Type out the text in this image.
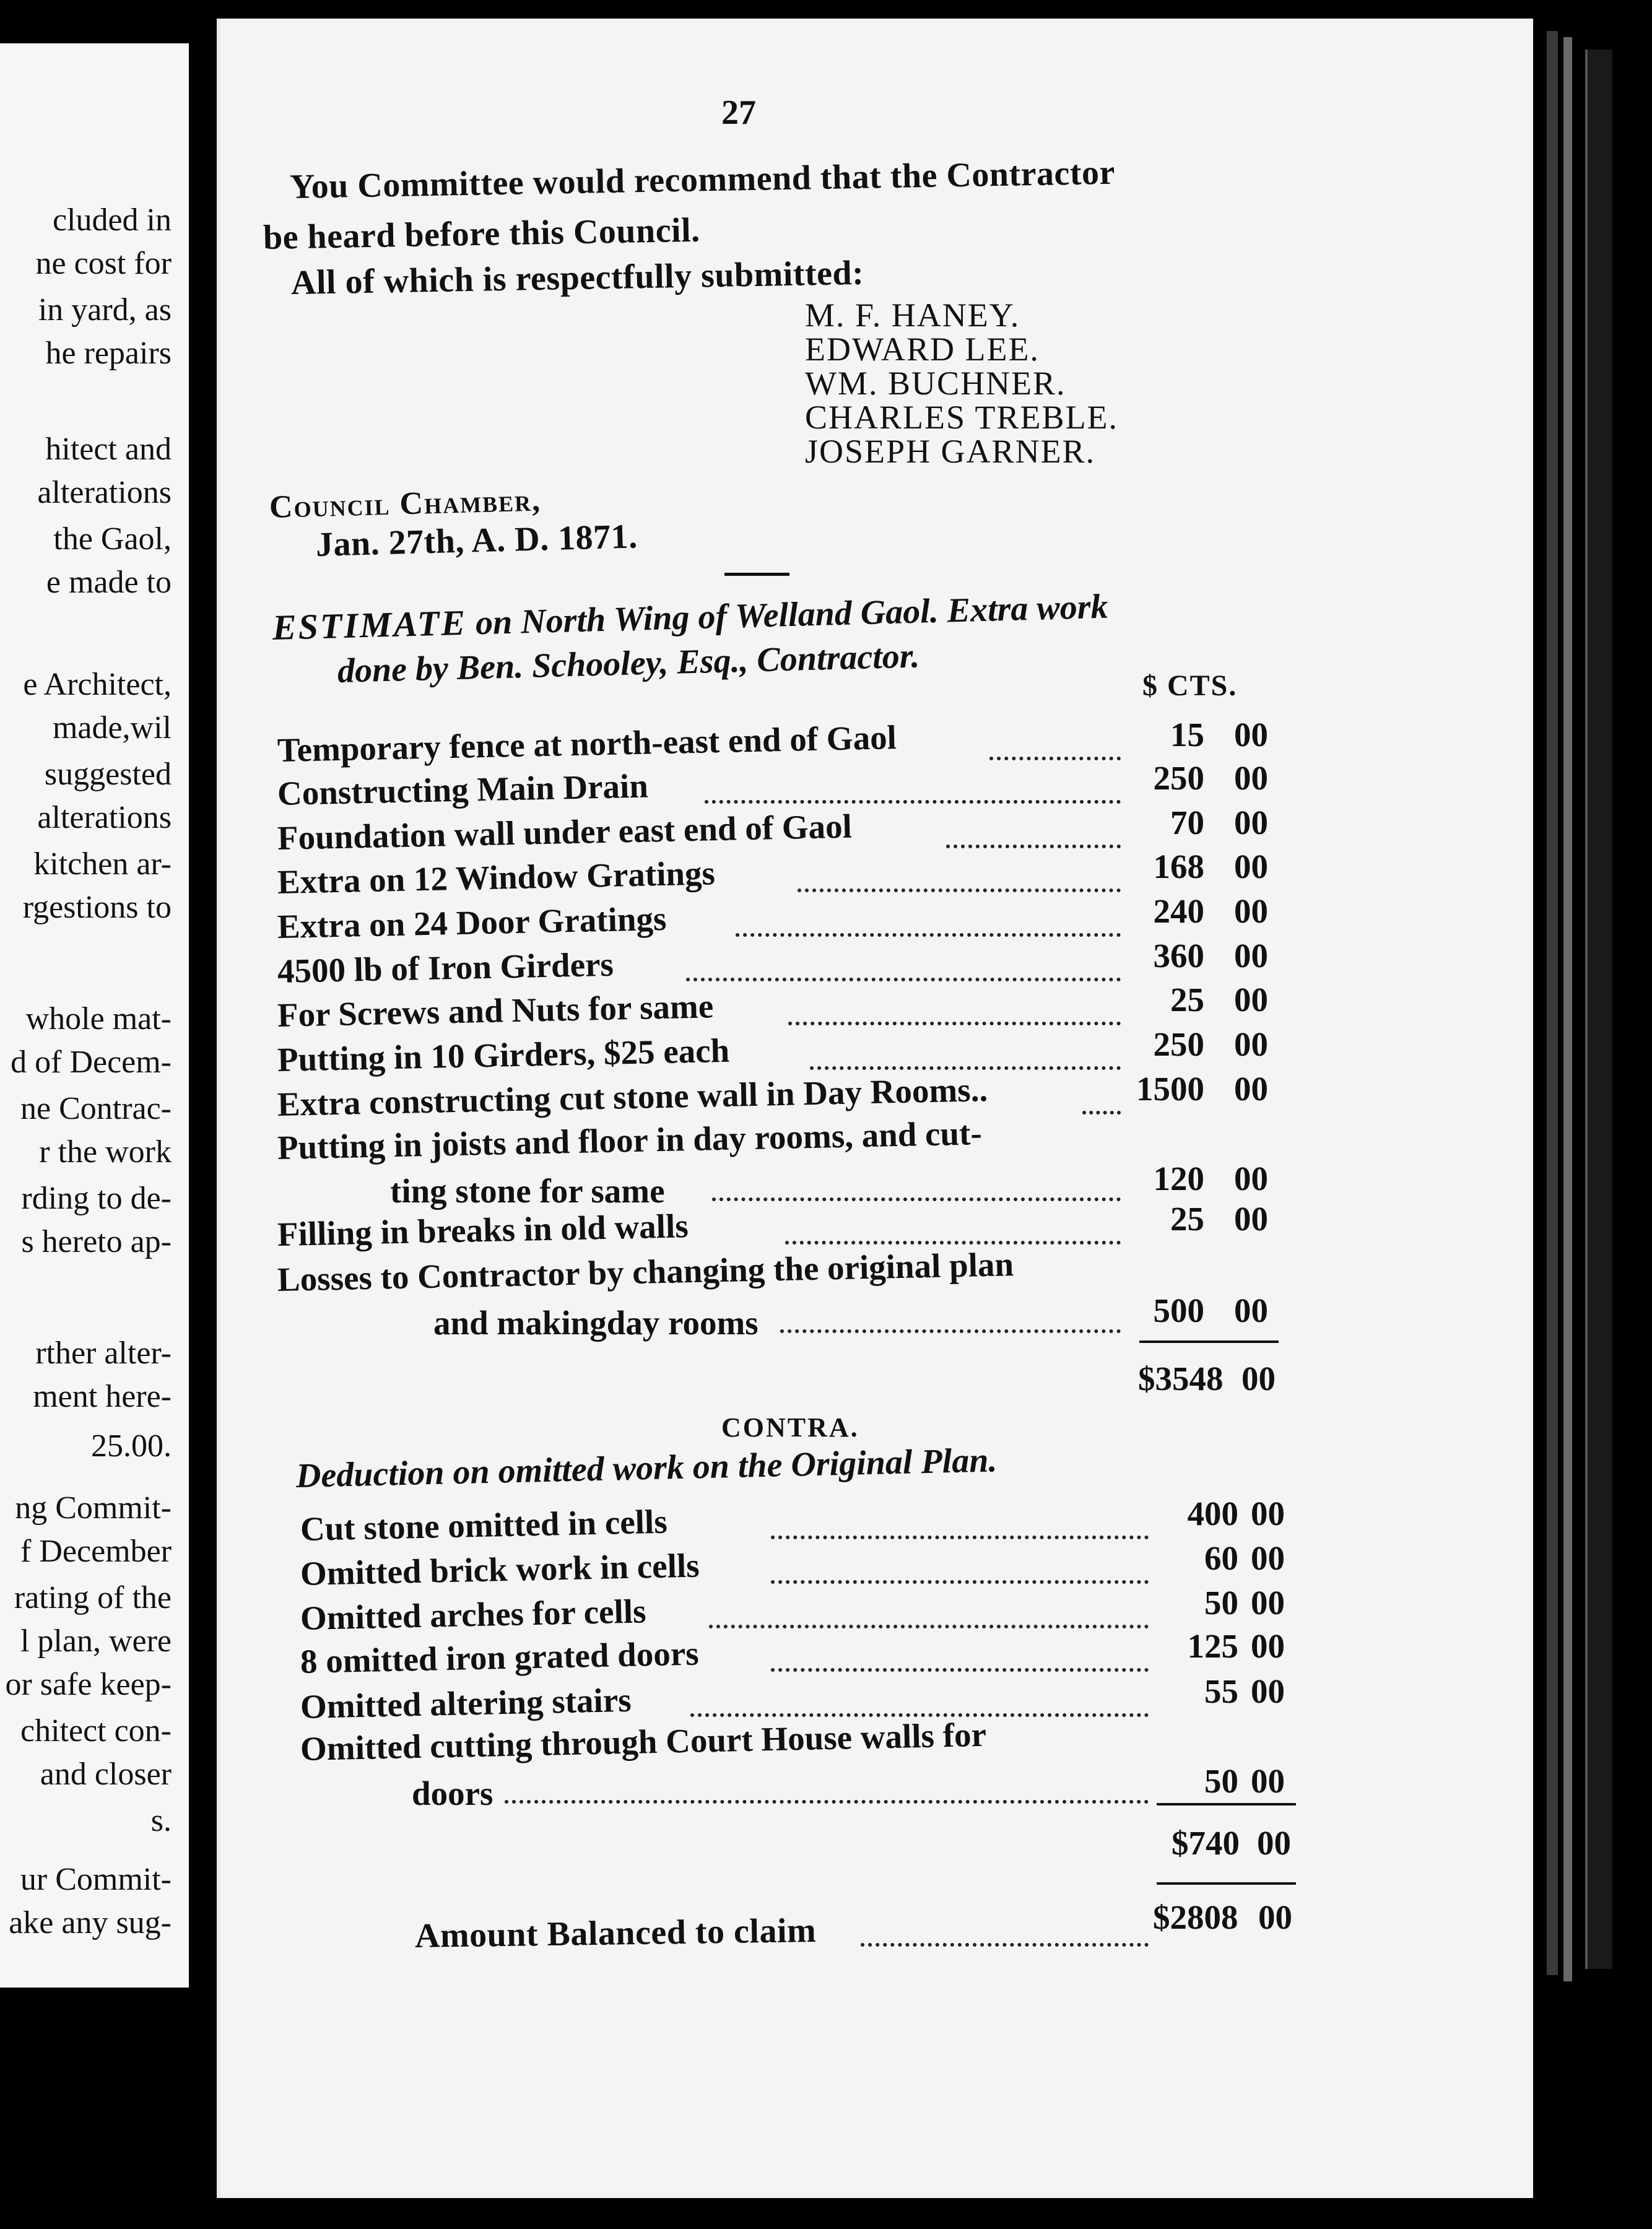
cluded in
ne cost for
in yard, as
he repairs
hitect and
alterations
the Gaol,
e made to
e Architect,
made,wil
suggested
alterations
kitchen ar-
rgestions to
whole mat-
d of Decem-
ne Contrac-
r the work
rding to de-
s hereto ap-
rther alter-
ment here-
25.00.
ng Commit-
f December
rating of the
l plan, were
or safe keep-
chitect con-
and closer
s.
ur Commit-
ake any sug-
27
You Committee would recommend that the Contractor
be heard before this Council.
All of which is respectfully submitted:
M. F. HANEY.
EDWARD LEE.
WM. BUCHNER.
CHARLES TREBLE.
JOSEPH GARNER.
Council Chamber,
Jan. 27th, A. D. 1871.
ESTIMATE on North Wing of Welland Gaol. Extra work
done by Ben. Schooley, Esq., Contractor.	$ CTS.
Temporary fence at north-east end of Gaol	15 00
Constructing Main Drain	250 00
Foundation wall under east end of Gaol	70 00
Extra on 12 Window Gratings	168 00
Extra on 24 Door Gratings	240 00
4500 lb of Iron Girders	360 00
For Screws and Nuts for same	25 00
Putting in 10 Girders, $25 each	250 00
Extra constructing cut stone wall in Day Rooms..	1500 00
Putting in joists and floor in day rooms, and cut-
ting stone for same	120 00
Filling in breaks in old walls	25 00
Losses to Contractor by changing the original plan
and makingday rooms	500 00
$3548 00
CONTRA.
Deduction on omitted work on the Original Plan.
Cut stone omitted in cells	400 00
Omitted brick work in cells	60 00
Omitted arches for cells	50 00
8 omitted iron grated doors	125 00
Omitted altering stairs	55 00
Omitted cutting through Court House walls for
doors	50 00
$740 00
Amount Balanced to claim	$2808 00
